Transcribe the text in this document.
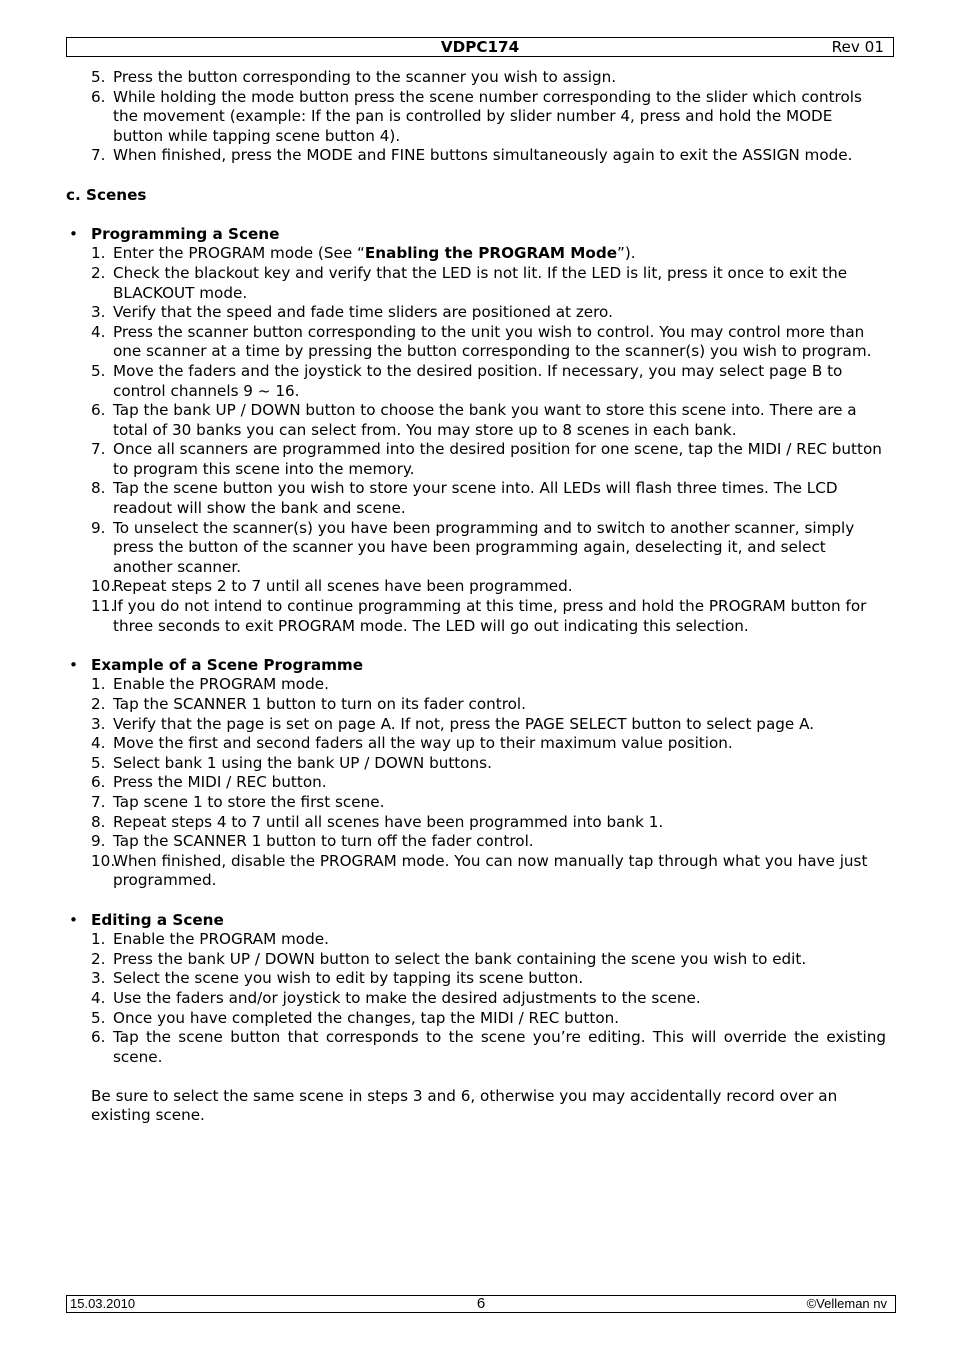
VDPC174	Rev 01
5. Press the button corresponding to the scanner you wish to assign.
6. While holding the mode button press the scene number corresponding to the slider which controls the movement (example: If the pan is controlled by slider number 4, press and hold the MODE button while tapping scene button 4).
7. When finished, press the MODE and FINE buttons simultaneously again to exit the ASSIGN mode.
c. Scenes
• Programming a Scene
1. Enter the PROGRAM mode (See “Enabling the PROGRAM Mode”).
2. Check the blackout key and verify that the LED is not lit. If the LED is lit, press it once to exit the BLACKOUT mode.
3. Verify that the speed and fade time sliders are positioned at zero.
4. Press the scanner button corresponding to the unit you wish to control. You may control more than one scanner at a time by pressing the button corresponding to the scanner(s) you wish to program.
5. Move the faders and the joystick to the desired position. If necessary, you may select page B to control channels 9 ~ 16.
6. Tap the bank UP / DOWN button to choose the bank you want to store this scene into. There are a total of 30 banks you can select from. You may store up to 8 scenes in each bank.
7. Once all scanners are programmed into the desired position for one scene, tap the MIDI / REC button to program this scene into the memory.
8. Tap the scene button you wish to store your scene into. All LEDs will flash three times. The LCD readout will show the bank and scene.
9. To unselect the scanner(s) you have been programming and to switch to another scanner, simply press the button of the scanner you have been programming again, deselecting it, and select another scanner.
10.
Repeat steps 2 to 7 until all scenes have been programmed.
11.
If you do not intend to continue programming at this time, press and hold the PROGRAM button for three seconds to exit PROGRAM mode. The LED will go out indicating this selection.
• Example of a Scene Programme
1. Enable the PROGRAM mode.
2. Tap the SCANNER 1 button to turn on its fader control.
3. Verify that the page is set on page A. If not, press the PAGE SELECT button to select page A.
4. Move the first and second faders all the way up to their maximum value position.
5. Select bank 1 using the bank UP / DOWN buttons.
6. Press the MIDI / REC button.
7. Tap scene 1 to store the first scene.
8. Repeat steps 4 to 7 until all scenes have been programmed into bank 1.
9. Tap the SCANNER 1 button to turn off the fader control.
10.
When finished, disable the PROGRAM mode. You can now manually tap through what you have just programmed.
• Editing a Scene
1. Enable the PROGRAM mode.
2. Press the bank UP / DOWN button to select the bank containing the scene you wish to edit.
3. Select the scene you wish to edit by tapping its scene button.
4. Use the faders and/or joystick to make the desired adjustments to the scene.
5. Once you have completed the changes, tap the MIDI / REC button.
6. Tap the scene button that corresponds to the scene you’re editing. This will override the existing scene.
Be sure to select the same scene in steps 3 and 6, otherwise you may accidentally record over an existing scene.
15.03.2010	6	©Velleman nv
